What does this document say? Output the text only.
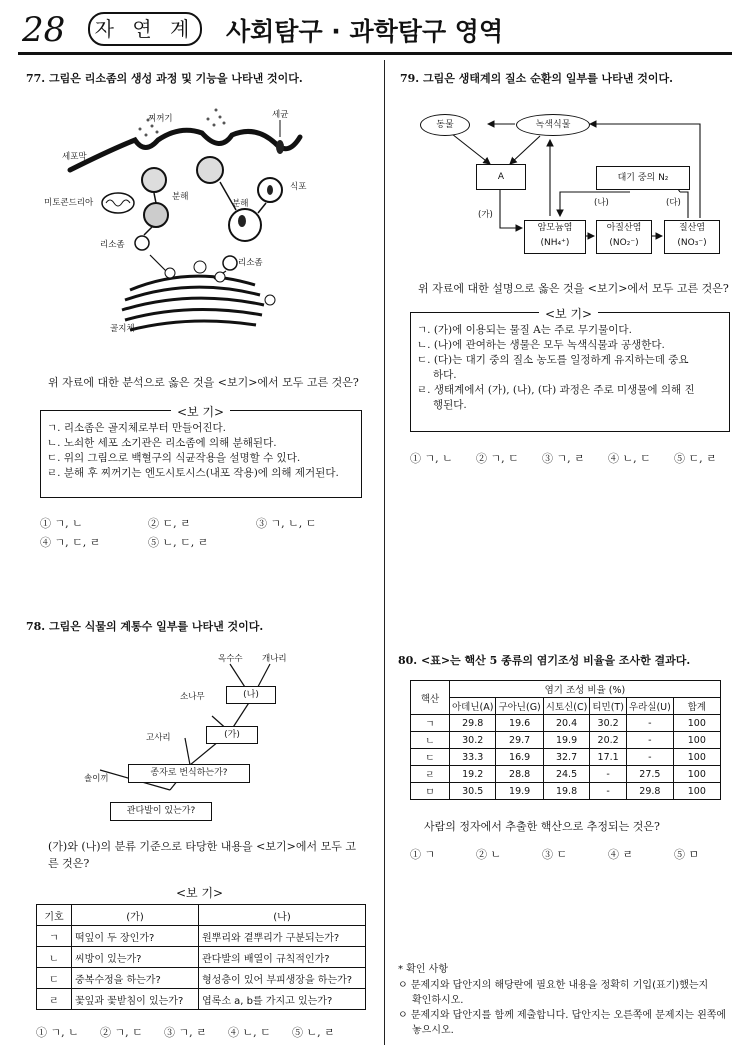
28	자 연 계 사회탐구 · 과학탐구 영역
77. 그림은 리소좀의 생성 과정 및 기능을 나타낸 것이다.
찌꺼기	세균
세포막
식포
분해
분해
미토콘드리아
리소좀
리소좀
골지체
위 자료에 대한 분석으로 옳은 것을 <보기>에서 모두 고른 것은?
<보 기>
ㄱ. 리소좀은 골지체로부터 만들어진다.
ㄴ. 노쇠한 세포 소기관은 리소좀에 의해 분해된다.
ㄷ. 위의 그림으로 백혈구의 식균작용을 설명할 수 있다.
ㄹ. 분해 후 찌꺼기는 엔도시토시스(내포 작용)에 의해 제거된다.
① ㄱ, ㄴ	② ㄷ, ㄹ	③ ㄱ, ㄴ, ㄷ
④ ㄱ, ㄷ, ㄹ	⑤ ㄴ, ㄷ, ㄹ
78. 그림은 식물의 계통수 일부를 나타낸 것이다.
옥수수 개나리
소나무	(나)
고사리	(가)
솔이끼
종자로 번식하는가?
관다발이 있는가?
(가)와 (나)의 분류 기준으로 타당한 내용을 <보기>에서 모두 고른 것은?
<보 기>
기호	(가)	(나)
ㄱ	떡잎이 두 장인가?	원뿌리와 곁뿌리가 구분되는가?
ㄴ	씨방이 있는가?	관다발의 배열이 규칙적인가?
ㄷ	중복수정을 하는가?	형성층이 있어 부피생장을 하는가?
ㄹ	꽃잎과 꽃받침이 있는가?	엽록소 a, b를 가지고 있는가?
① ㄱ, ㄴ ② ㄱ, ㄷ ③ ㄱ, ㄹ ④ ㄴ, ㄷ ⑤ ㄴ, ㄹ
79. 그림은 생태계의 질소 순환의 일부를 나타낸 것이다.
동물	녹색식물
A	대기 중의 N₂
암모늄염
(NH₄⁺)
아질산염
(NO₂⁻)
질산염
(NO₃⁻)
(가)
(나)	(다)
위 자료에 대한 설명으로 옳은 것을 <보기>에서 모두 고른 것은?
<보 기>
ㄱ. (가)에 이용되는 물질 A는 주로 무기물이다.
ㄴ. (나)에 관여하는 생물은 모두 녹색식물과 공생한다.
ㄷ. (다)는 대기 중의 질소 농도를 일정하게 유지하는데 중요
하다.
ㄹ. 생태계에서 (가), (나), (다) 과정은 주로 미생물에 의해 진
행된다.
① ㄱ, ㄴ ② ㄱ, ㄷ ③ ㄱ, ㄹ ④ ㄴ, ㄷ ⑤ ㄷ, ㄹ
80. <표>는 핵산 5 종류의 염기조성 비율을 조사한 결과다.
핵산	염기 조성 비율 (%)					
	아데닌(A)	구아닌(G)	시토신(C)	티민(T)	우라실(U)	합계
ㄱ	29.8	19.6	20.4	30.2	-	100
ㄴ	30.2	29.7	19.9	20.2	-	100
ㄷ	33.3	16.9	32.7	17.1	-	100
ㄹ	19.2	28.8	24.5	-	27.5	100
ㅁ	30.5	19.9	19.8	-	29.8	100
사람의 정자에서 추출한 핵산으로 추정되는 것은?
① ㄱ	② ㄴ	③ ㄷ	④ ㄹ	⑤ ㅁ
* 확인 사항
ㅇ 문제지와 답안지의 해당란에 필요한 내용을 정확히 기입(표기)했는지
확인하시오.
ㅇ 문제지와 답안지를 함께 제출합니다. 답안지는 오른쪽에 문제지는 왼쪽에
놓으시오.
